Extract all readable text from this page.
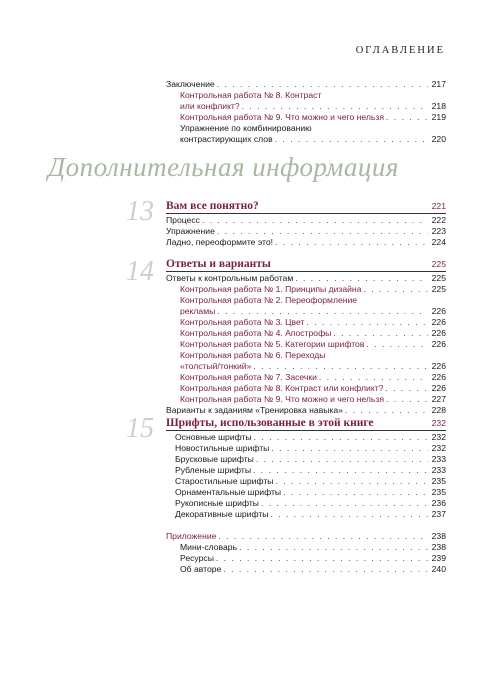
ОГЛАВЛЕНИЕ
Заключение . . .	217
Контрольная работа № 8. Контраст
или конфликт? . . .	218
Контрольная работа № 9. Что можно и чего нельзя . . .	219
Упражнение по комбинированию
контрастирующих слов . . .	220
Дополнительная информация
13 Вам все понятно?	221
Процесс . . .	222
Упражнение . . .	223
Ладно, переоформите это! . . .	224
14 Ответы и варианты	225
Ответы к контрольным работам . . .	225
Контрольная работа № 1. Принципы дизайна . . .	225
Контрольная работа № 2. Переоформление
рекламы . . .	226
Контрольная работа № 3. Цвет . . .	226
Контрольная работа № 4. Апострофы . . .	226
Контрольная работа № 5. Категории шрифтов . . .	226
Контрольная работа № 6. Переходы
«толстый/тонкий» . . .	226
Контрольная работа № 7. Засечки . . .	226
Контрольная работа № 8. Контраст или конфликт? . . .	226
Контрольная работа № 9. Что можно и чего нельзя . . .	227
Варианты к заданиям «Тренировка навыка» . . .	228
15 Шрифты, использованные в этой книге	232
Основные шрифты . . .	232
Новостильные шрифты . . .	232
Брусковые шрифты . . .	233
Рубленые шрифты . . .	233
Старостильные шрифты . . .	235
Орнаментальные шрифты . . .	235
Рукописные шрифты . . .	236
Декоративные шрифты . . .	237
Приложение . . .	238
Мини-словарь . . .	238
Ресурсы . . .	239
Об авторе . . .	240
